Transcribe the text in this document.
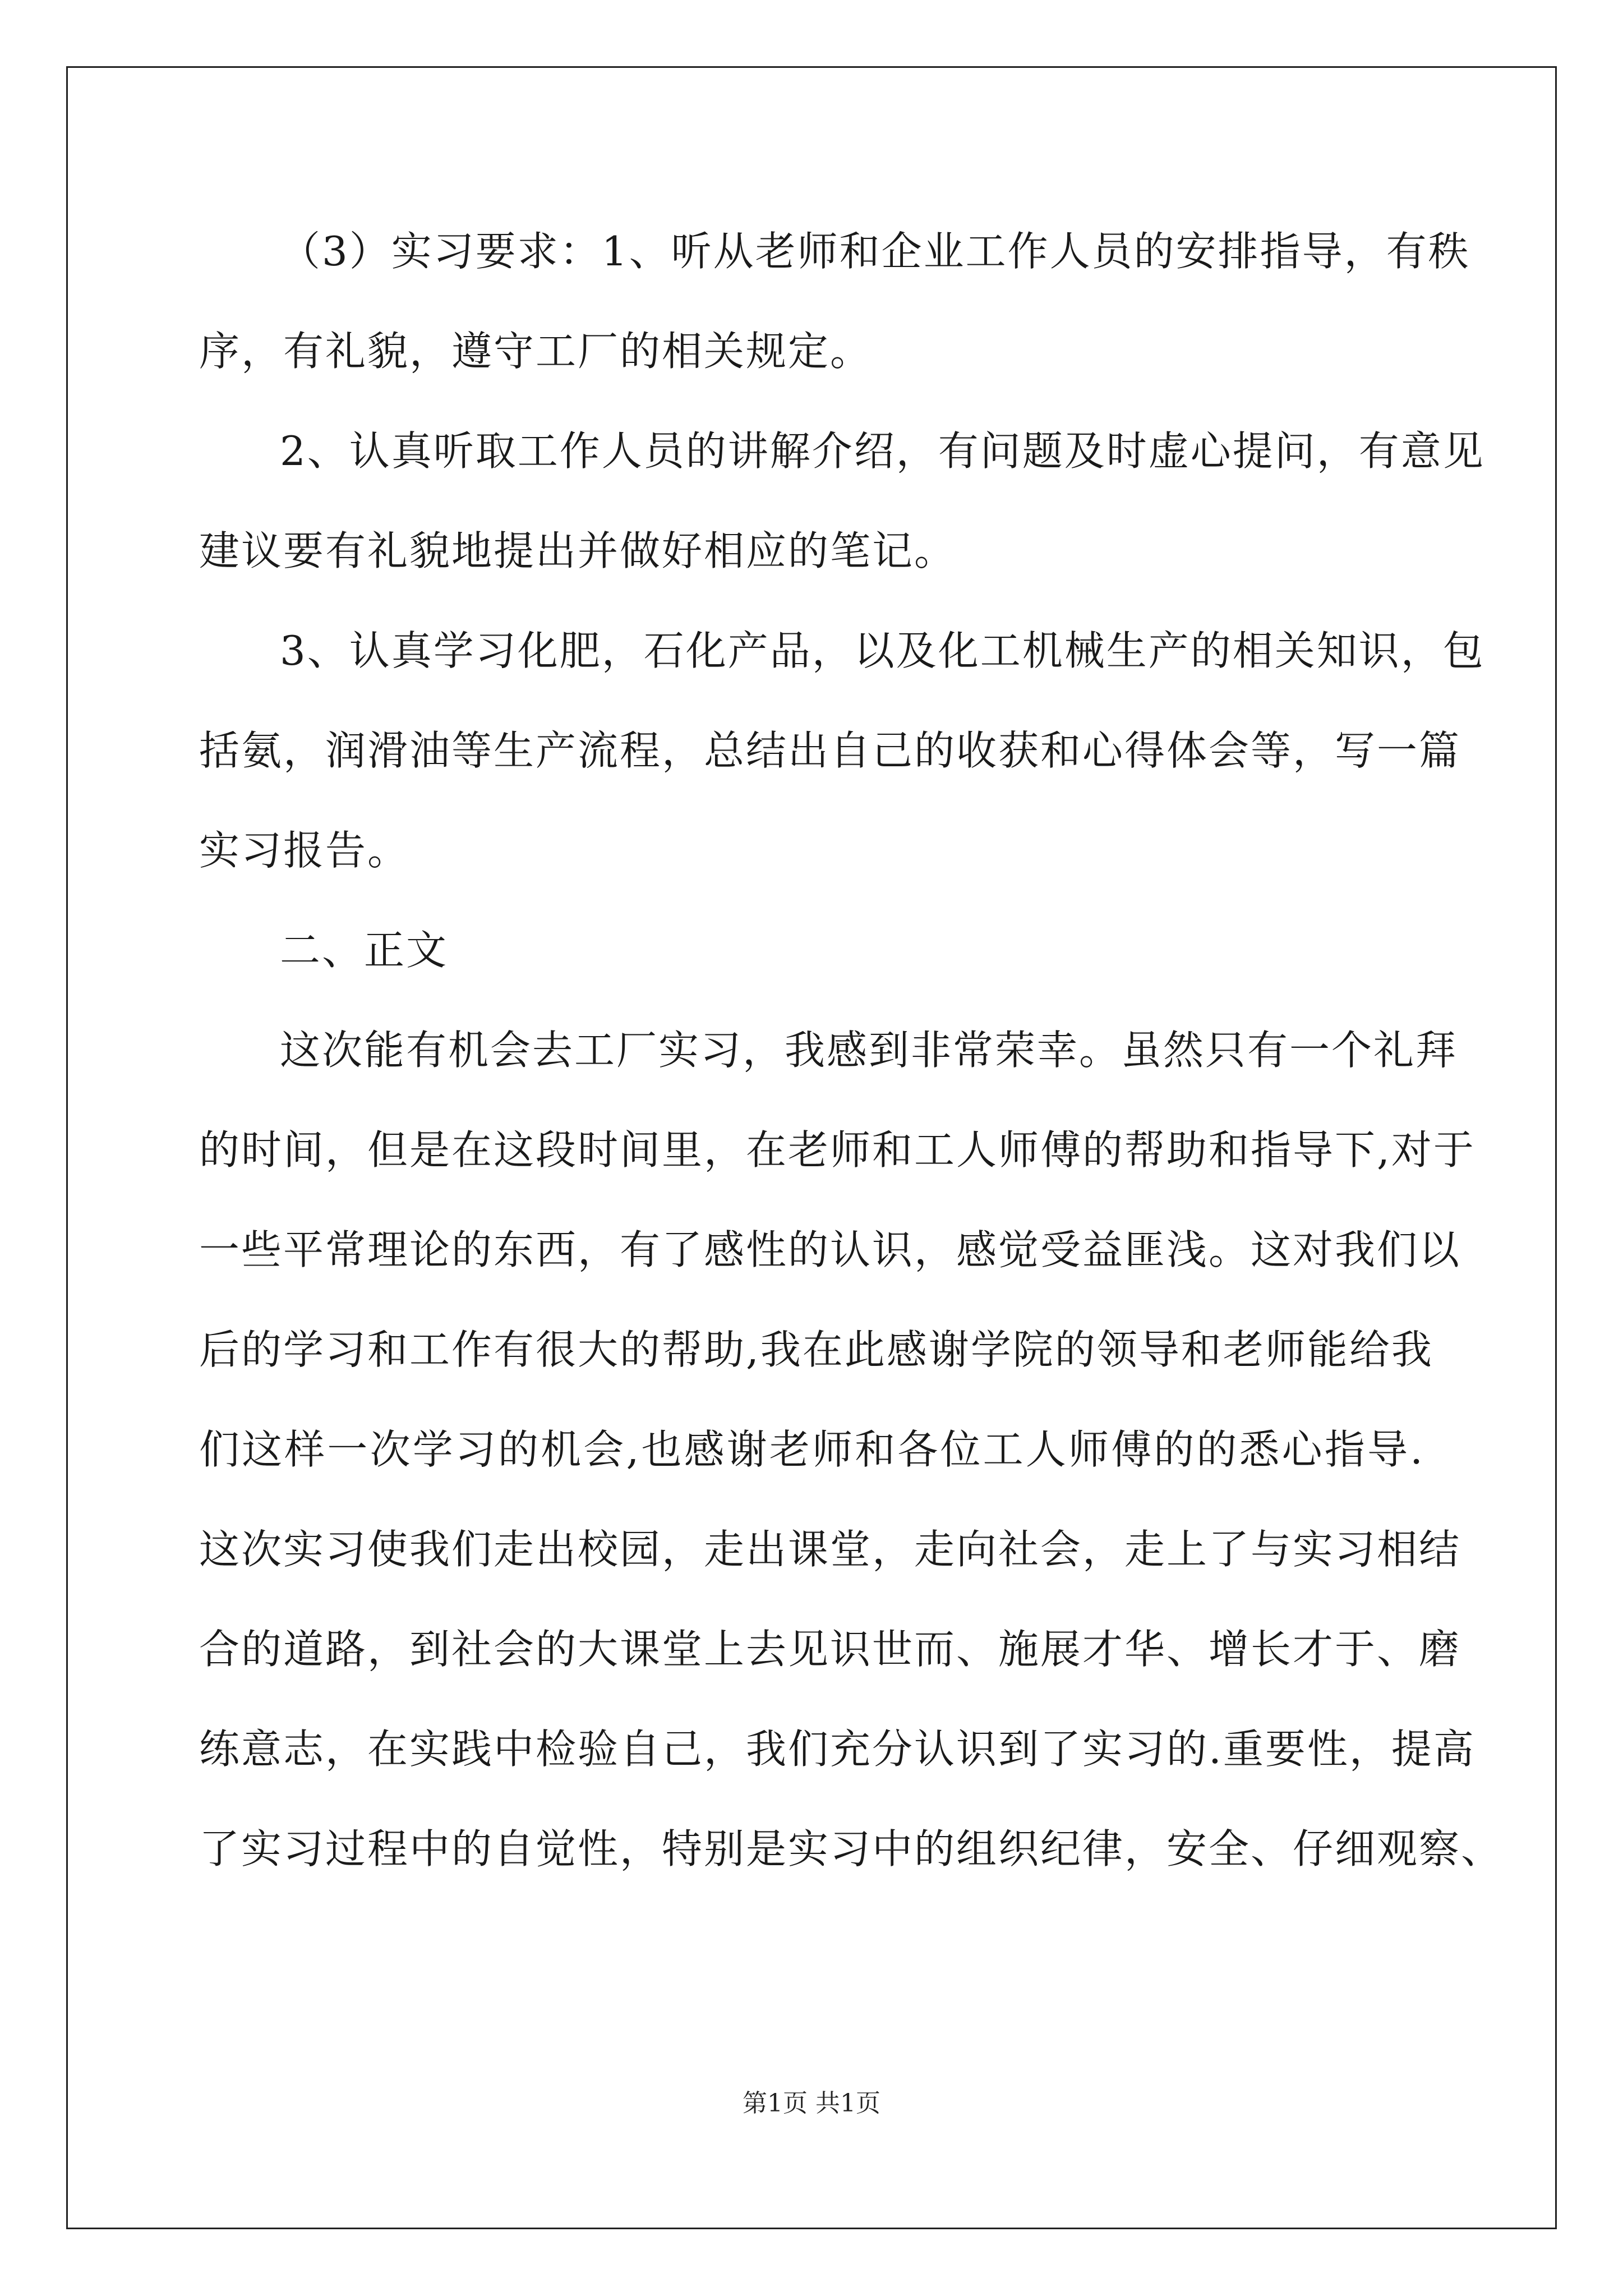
（3）实习要求：1、听从老师和企业工作人员的安排指导，有秩
序，有礼貌，遵守工厂的相关规定。
2、认真听取工作人员的讲解介绍，有问题及时虚心提问，有意见
建议要有礼貌地提出并做好相应的笔记。
3、认真学习化肥，石化产品，以及化工机械生产的相关知识，包
括氨，润滑油等生产流程，总结出自己的收获和心得体会等，写一篇
实习报告。
二、正文
这次能有机会去工厂实习，我感到非常荣幸。虽然只有一个礼拜
的时间，但是在这段时间里，在老师和工人师傅的帮助和指导下,对于
一些平常理论的东西，有了感性的认识，感觉受益匪浅。这对我们以
后的学习和工作有很大的帮助,我在此感谢学院的领导和老师能给我
们这样一次学习的机会,也感谢老师和各位工人师傅的的悉心指导.
这次实习使我们走出校园，走出课堂，走向社会，走上了与实习相结
合的道路，到社会的大课堂上去见识世而、施展才华、增长才于、磨
练意志，在实践中检验自己，我们充分认识到了实习的.重要性，提高
了实习过程中的自觉性，特别是实习中的组织纪律，安全、仔细观察、
第1页 共1页
